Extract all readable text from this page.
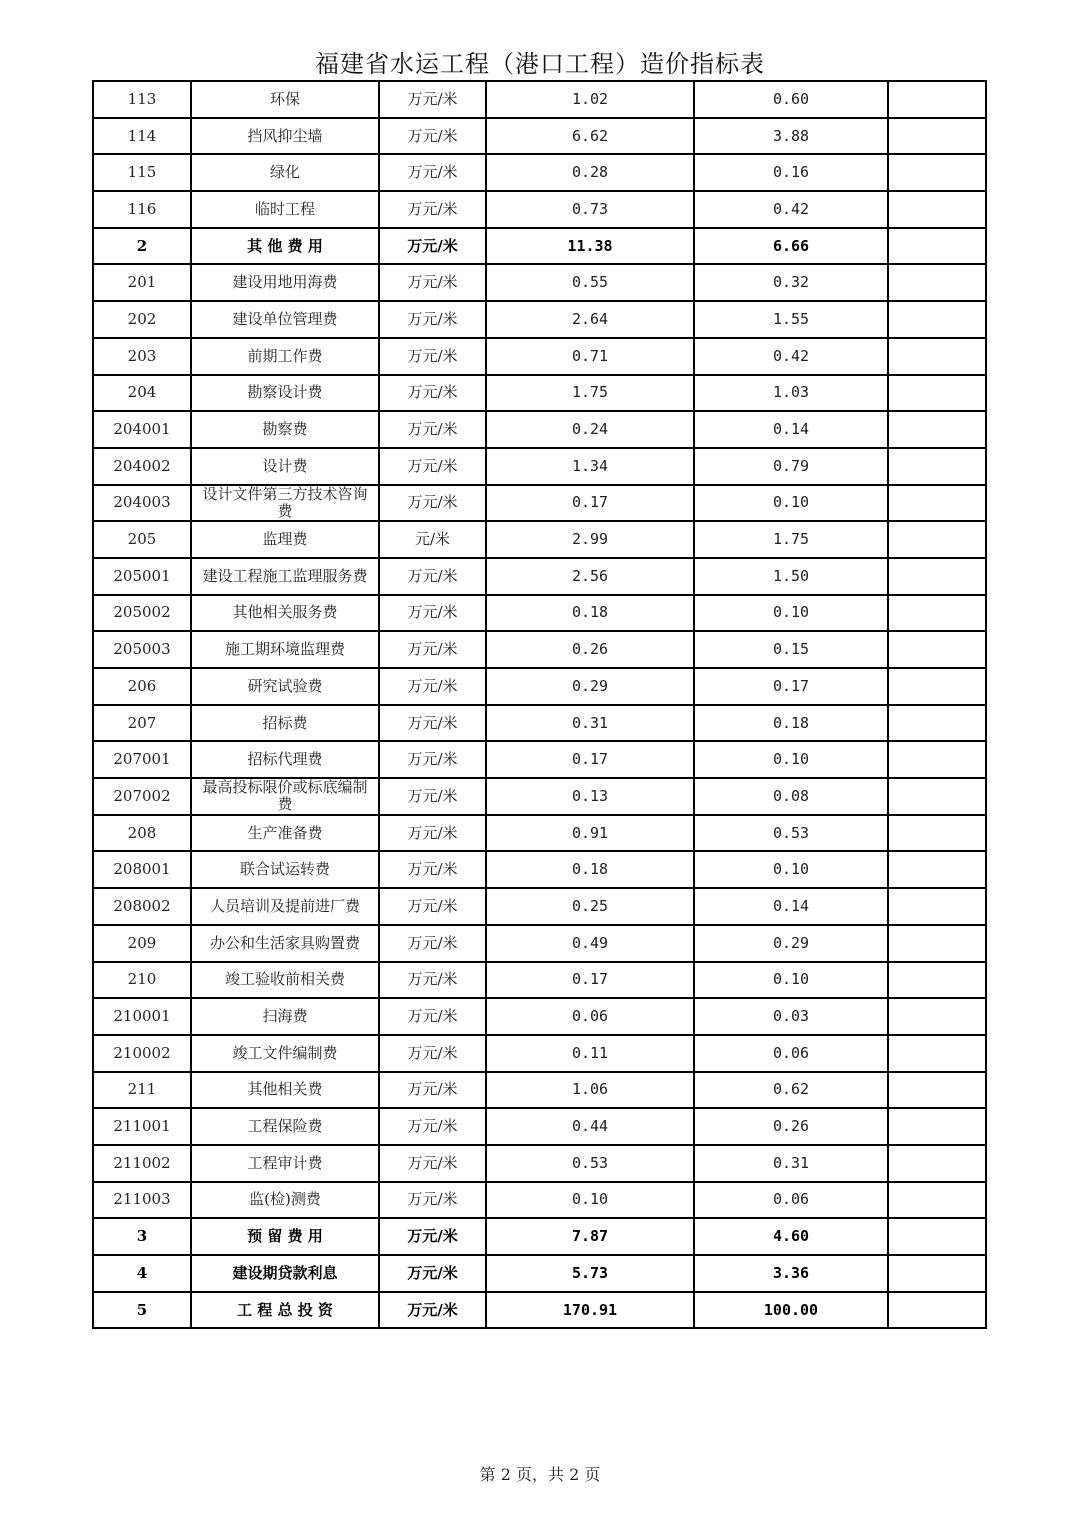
福建省水运工程（港口工程）造价指标表
113	环保	万元/米	1.02	0.60	
114	挡风抑尘墙	万元/米	6.62	3.88	
115	绿化	万元/米	0.28	0.16	
116	临时工程	万元/米	0.73	0.42	
2	其 他 费 用	万元/米	11.38	6.66	
201	建设用地用海费	万元/米	0.55	0.32	
202	建设单位管理费	万元/米	2.64	1.55	
203	前期工作费	万元/米	0.71	0.42	
204	勘察设计费	万元/米	1.75	1.03	
204001	勘察费	万元/米	0.24	0.14	
204002	设计费	万元/米	1.34	0.79	
204003	设计文件第三方技术咨询费	万元/米	0.17	0.10	
205	监理费	元/米	2.99	1.75	
205001	建设工程施工监理服务费	万元/米	2.56	1.50	
205002	其他相关服务费	万元/米	0.18	0.10	
205003	施工期环境监理费	万元/米	0.26	0.15	
206	研究试验费	万元/米	0.29	0.17	
207	招标费	万元/米	0.31	0.18	
207001	招标代理费	万元/米	0.17	0.10	
207002	最高投标限价或标底编制费	万元/米	0.13	0.08	
208	生产准备费	万元/米	0.91	0.53	
208001	联合试运转费	万元/米	0.18	0.10	
208002	人员培训及提前进厂费	万元/米	0.25	0.14	
209	办公和生活家具购置费	万元/米	0.49	0.29	
210	竣工验收前相关费	万元/米	0.17	0.10	
210001	扫海费	万元/米	0.06	0.03	
210002	竣工文件编制费	万元/米	0.11	0.06	
211	其他相关费	万元/米	1.06	0.62	
211001	工程保险费	万元/米	0.44	0.26	
211002	工程审计费	万元/米	0.53	0.31	
211003	监(检)测费	万元/米	0.10	0.06	
3	预 留 费 用	万元/米	7.87	4.60	
4	建设期贷款利息	万元/米	5.73	3.36	
5	工 程 总 投 资	万元/米	170.91	100.00	
第 2 页，共 2 页
